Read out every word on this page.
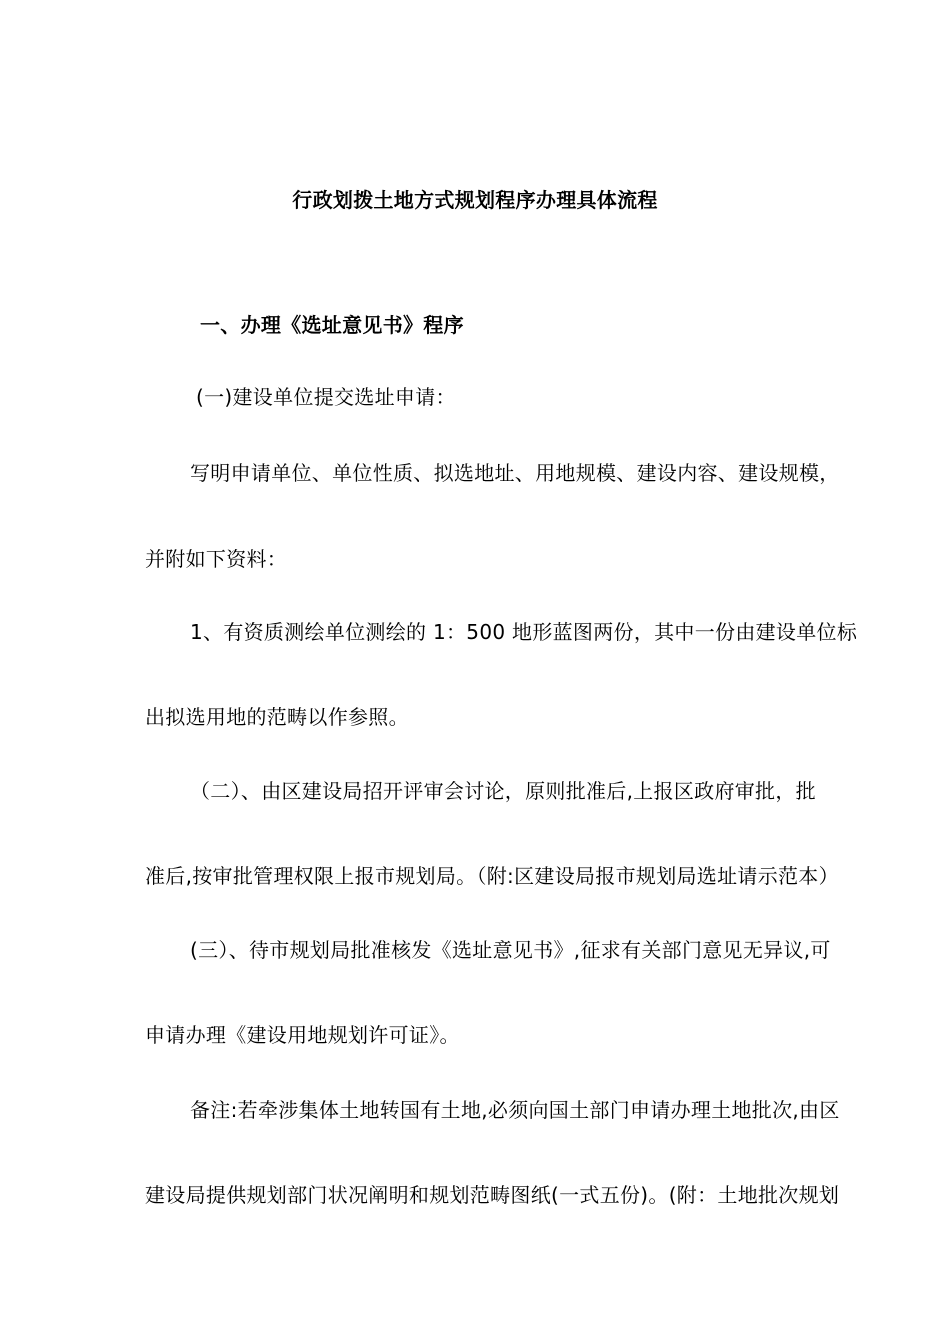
行政划拨土地方式规划程序办理具体流程
一、办理《选址意见书》程序
(一)建设单位提交选址申请：
写明申请单位、单位性质、拟选地址、用地规模、建设内容、建设规模，
并附如下资料：
1、有资质测绘单位测绘的 1：500 地形蓝图两份，其中一份由建设单位标
出拟选用地的范畴以作参照。
（二）、由区建设局招开评审会讨论，原则批准后,上报区政府审批，批
准后,按审批管理权限上报市规划局。（附:区建设局报市规划局选址请示范本）
(三）、待市规划局批准核发《选址意见书》,征求有关部门意见无异议,可
申请办理《建设用地规划许可证》。
备注:若牵涉集体土地转国有土地,必须向国土部门申请办理土地批次,由区
建设局提供规划部门状况阐明和规划范畴图纸(一式五份)。(附：土地批次规划
